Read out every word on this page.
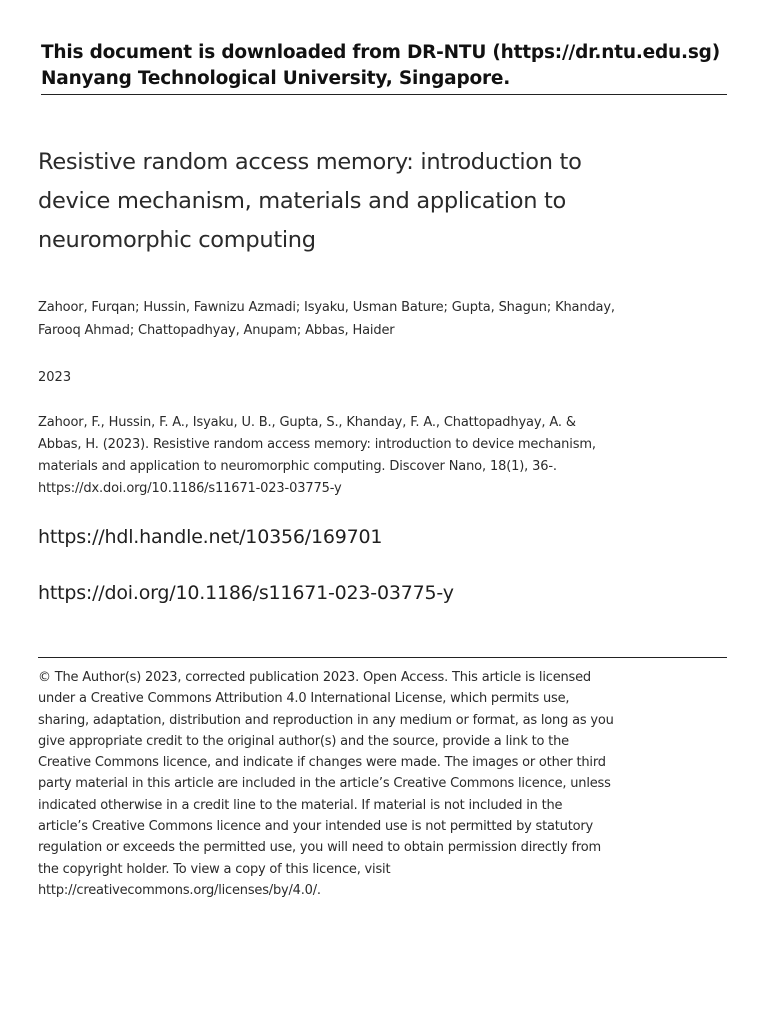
This document is downloaded from DR-NTU (https://dr.ntu.edu.sg)
Nanyang Technological University, Singapore.
Resistive random access memory: introduction to
device mechanism, materials and application to
neuromorphic computing
Zahoor, Furqan; Hussin, Fawnizu Azmadi; Isyaku, Usman Bature; Gupta, Shagun; Khanday,
Farooq Ahmad; Chattopadhyay, Anupam; Abbas, Haider
2023
Zahoor, F., Hussin, F. A., Isyaku, U. B., Gupta, S., Khanday, F. A., Chattopadhyay, A. &
Abbas, H. (2023). Resistive random access memory: introduction to device mechanism,
materials and application to neuromorphic computing. Discover Nano, 18(1), 36-.
https://dx.doi.org/10.1186/s11671-023-03775-y
https://hdl.handle.net/10356/169701
https://doi.org/10.1186/s11671-023-03775-y
© The Author(s) 2023, corrected publication 2023. Open Access. This article is licensed
under a Creative Commons Attribution 4.0 International License, which permits use,
sharing, adaptation, distribution and reproduction in any medium or format, as long as you
give appropriate credit to the original author(s) and the source, provide a link to the
Creative Commons licence, and indicate if changes were made. The images or other third
party material in this article are included in the article’s Creative Commons licence, unless
indicated otherwise in a credit line to the material. If material is not included in the
article’s Creative Commons licence and your intended use is not permitted by statutory
regulation or exceeds the permitted use, you will need to obtain permission directly from
the copyright holder. To view a copy of this licence, visit
http://creativecommons.org/licenses/by/4.0/.
